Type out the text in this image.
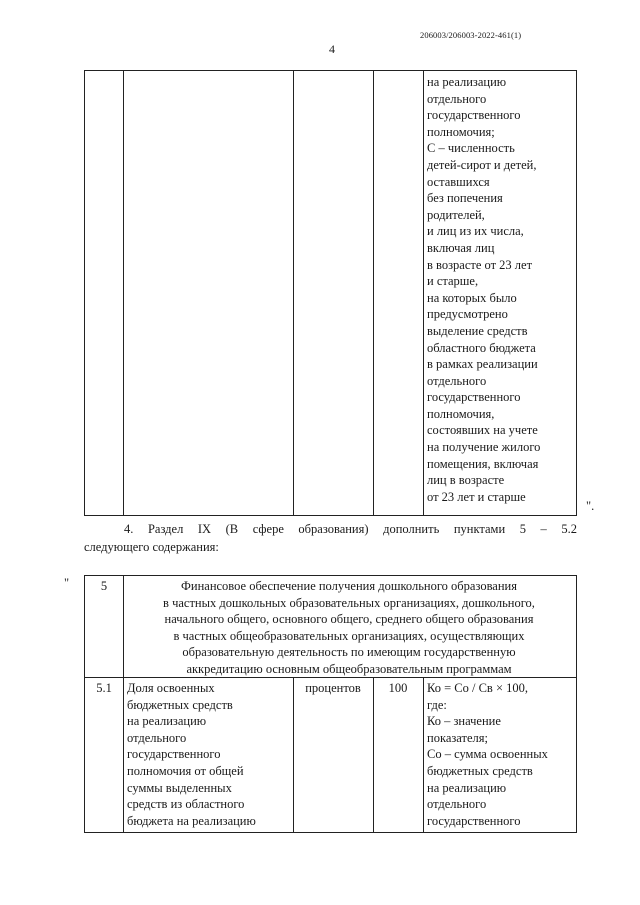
206003/206003-2022-461(1)
4
на реализацию
отдельного
государственного
полномочия;
С – численность
детей-сирот и детей,
оставшихся
без попечения
родителей,
и лиц из их числа,
включая лиц
в возрасте от 23 лет
и старше,
на которых было
предусмотрено
выделение средств
областного бюджета
в рамках реализации
отдельного
государственного
полномочия,
состоявших на учете
на получение жилого
помещения, включая
лиц в возрасте
от 23 лет и старше
".
4. Раздел IX (В сфере образования) дополнить пунктами 5 – 5.2
следующего содержания:
"	5	Финансовое обеспечение получения дошкольного образования
в частных дошкольных образовательных организациях, дошкольного,
начального общего, основного общего, среднего общего образования
в частных общеобразовательных организациях, осуществляющих
образовательную деятельность по имеющим государственную
аккредитацию основным общеобразовательным программам
5.1	Доля освоенных
бюджетных средств
на реализацию
отдельного
государственного
полномочия от общей
суммы выделенных
средств из областного
бюджета на реализацию
процентов	100	Ко = Со / Св × 100,
где:
Ко – значение
показателя;
Со – сумма освоенных
бюджетных средств
на реализацию
отдельного
государственного
